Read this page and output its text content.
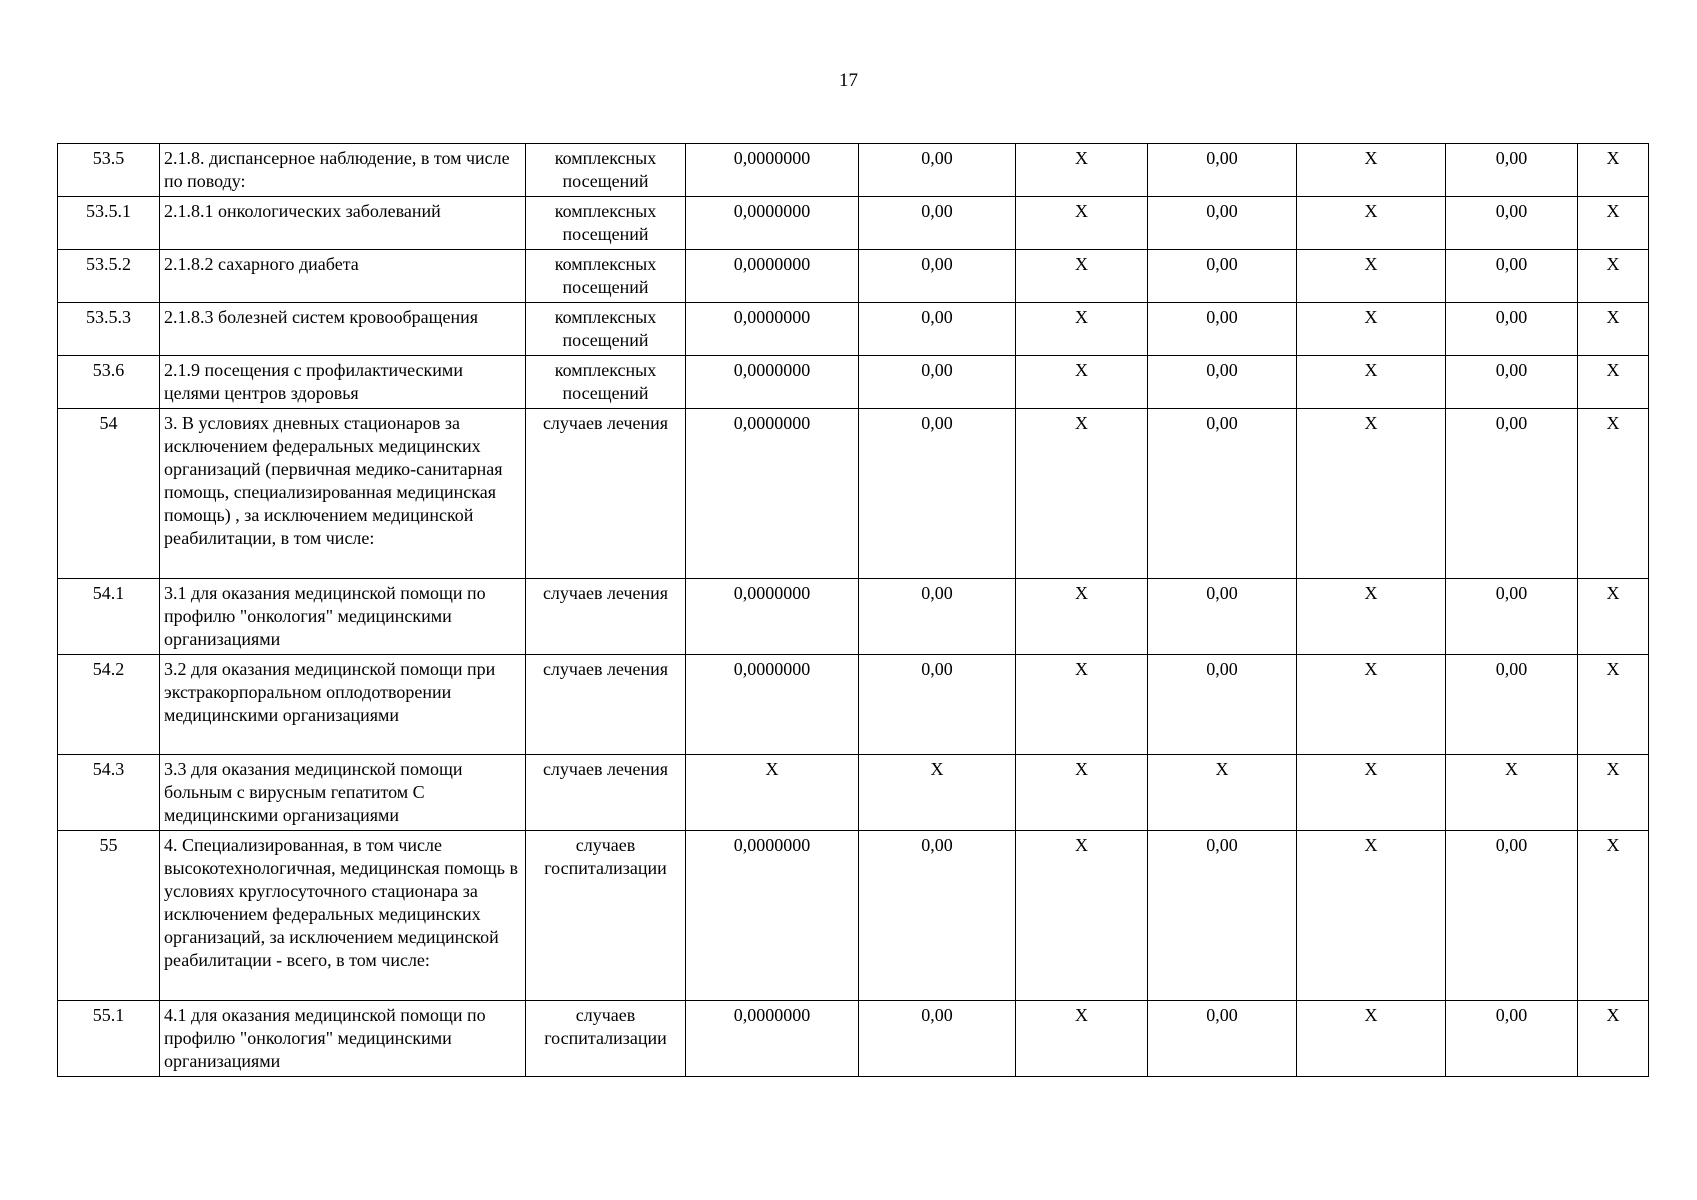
17
53.5	2.1.8. диспансерное наблюдение, в том числе по поводу:	комплексных посещений	0,0000000	0,00	X	0,00	X	0,00	X
53.5.1	2.1.8.1 онкологических заболеваний	комплексных посещений	0,0000000	0,00	X	0,00	X	0,00	X
53.5.2	2.1.8.2 сахарного диабета	комплексных посещений	0,0000000	0,00	X	0,00	X	0,00	X
53.5.3	2.1.8.3 болезней систем кровообращения	комплексных посещений	0,0000000	0,00	X	0,00	X	0,00	X
53.6	2.1.9 посещения с профилактическими целями центров здоровья	комплексных посещений	0,0000000	0,00	X	0,00	X	0,00	X
54	3. В условиях дневных стационаров за исключением федеральных медицинских организаций (первичная медико-санитарная помощь, специализированная медицинская помощь) , за исключением медицинской реабилитации, в том числе:	случаев лечения	0,0000000	0,00	X	0,00	X	0,00	X
54.1	3.1 для оказания медицинской помощи по профилю "онкология" медицинскими организациями	случаев лечения	0,0000000	0,00	X	0,00	X	0,00	X
54.2	3.2 для оказания медицинской помощи при экстракорпоральном оплодотворении медицинскими организациями	случаев лечения	0,0000000	0,00	X	0,00	X	0,00	X
54.3	3.3 для оказания медицинской помощи больным с вирусным гепатитом С медицинскими организациями	случаев лечения	X	X	X	X	X	X	X
55	4. Специализированная, в том числе высокотехнологичная, медицинская помощь в условиях круглосуточного стационара за исключением федеральных медицинских организаций, за исключением медицинской реабилитации - всего, в том числе:	случаев госпитализации	0,0000000	0,00	X	0,00	X	0,00	X
55.1	4.1 для оказания медицинской помощи по профилю "онкология" медицинскими организациями	случаев госпитализации	0,0000000	0,00	X	0,00	X	0,00	X
